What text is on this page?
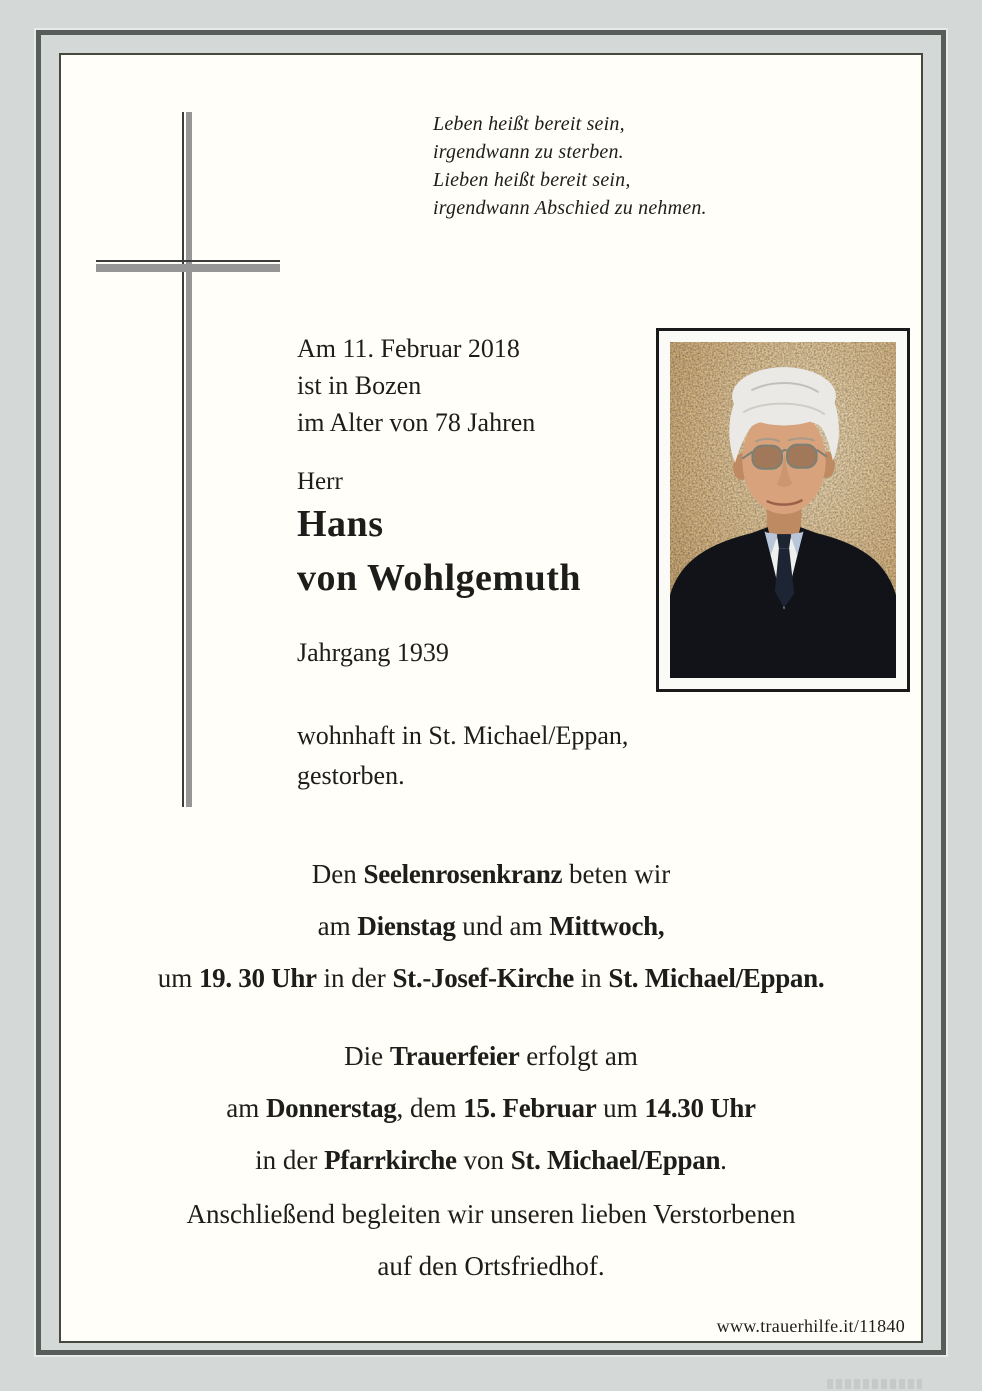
Leben heißt bereit sein,
irgendwann zu sterben.
Lieben heißt bereit sein,
irgendwann Abschied zu nehmen.
Am 11. Februar 2018
ist in Bozen
im Alter von 78 Jahren
Herr
Hans
von Wohlgemuth
Jahrgang 1939
wohnhaft in St. Michael/Eppan,
gestorben.
Den Seelenrosenkranz beten wir
am Dienstag und am Mittwoch,
um 19. 30 Uhr in der St.-Josef-Kirche in St. Michael/Eppan.
Die Trauerfeier erfolgt am
am Donnerstag, dem 15. Februar um 14.30 Uhr
in der Pfarrkirche von St. Michael/Eppan.
Anschließend begleiten wir unseren lieben Verstorbenen
auf den Ortsfriedhof.
www.trauerhilfe.it/11840
